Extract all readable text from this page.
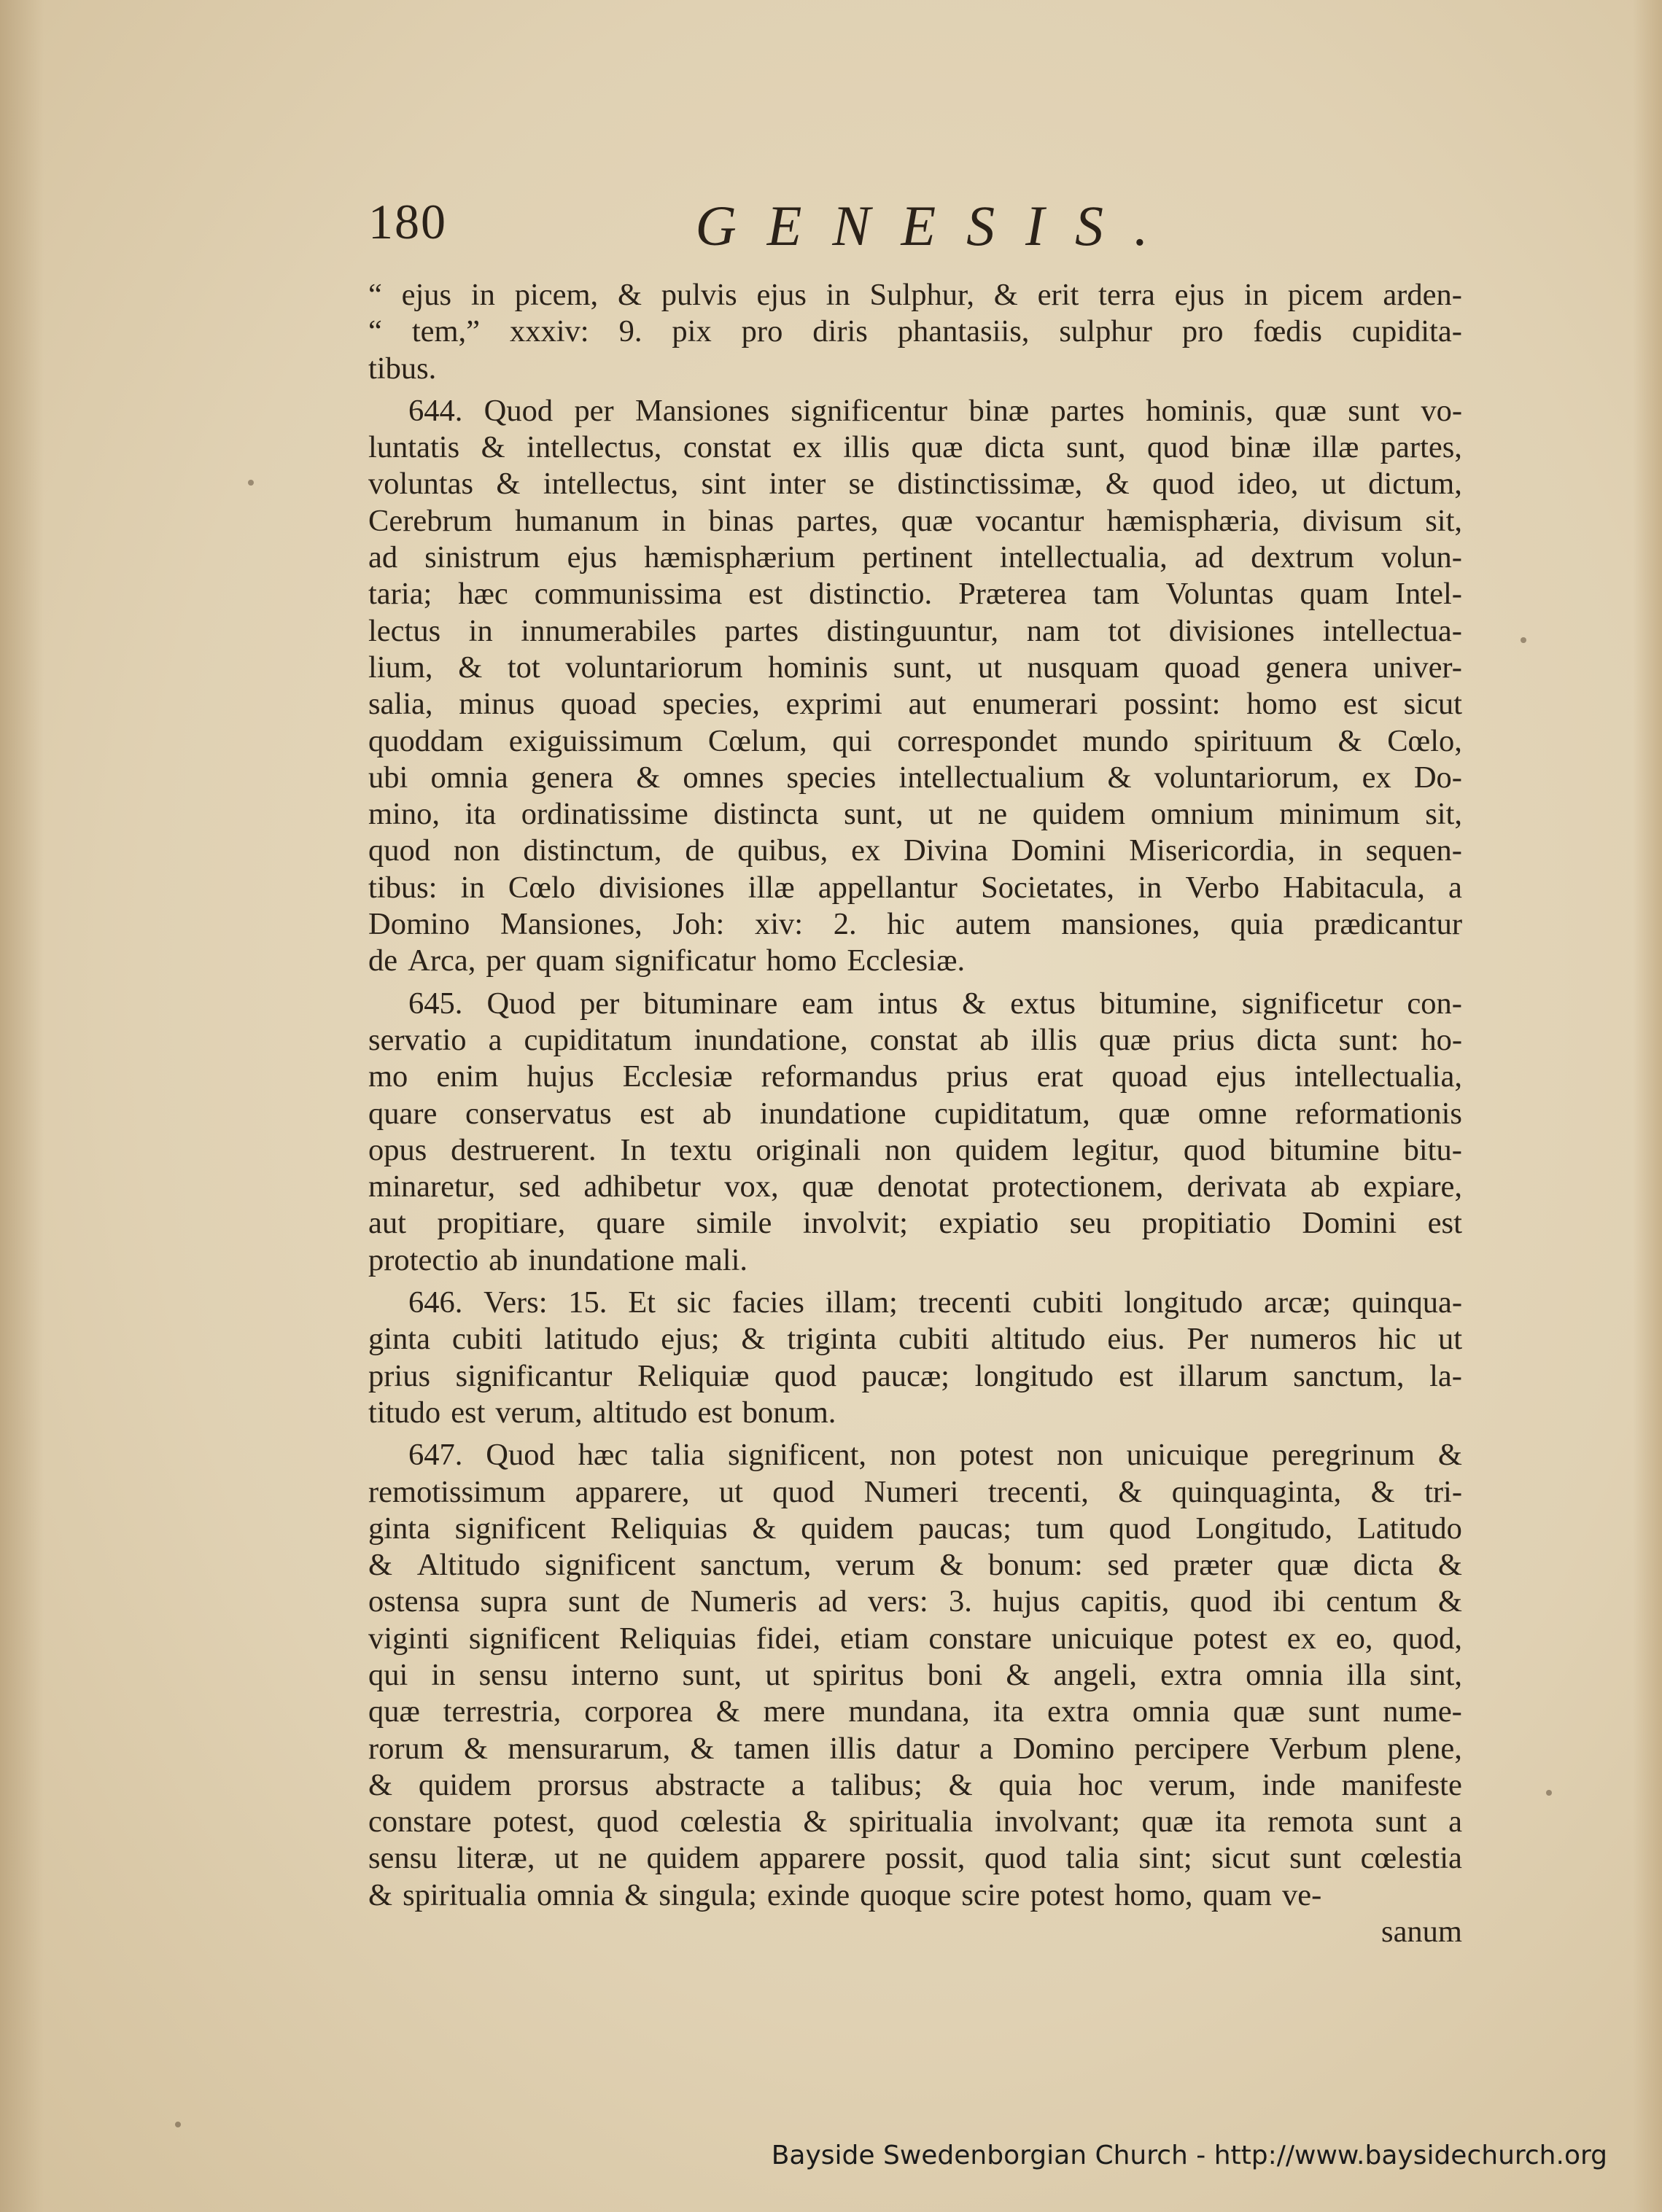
180	GENESIS.
“ ejus in picem, & pulvis ejus in Sulphur, & erit terra ejus in picem arden-
“ tem,” xxxiv: 9. pix pro diris phantasiis, sulphur pro fœdis cupidita-
tibus.
644. Quod per Mansiones significentur binæ partes hominis, quæ sunt vo-
luntatis & intellectus, constat ex illis quæ dicta sunt, quod binæ illæ partes,
voluntas & intellectus, sint inter se distinctissimæ, & quod ideo, ut dictum,
Cerebrum humanum in binas partes, quæ vocantur hæmisphæria, divisum sit,
ad sinistrum ejus hæmisphærium pertinent intellectualia, ad dextrum volun-
taria; hæc communissima est distinctio. Præterea tam Voluntas quam Intel-
lectus in innumerabiles partes distinguuntur, nam tot divisiones intellectua-
lium, & tot voluntariorum hominis sunt, ut nusquam quoad genera univer-
salia, minus quoad species, exprimi aut enumerari possint: homo est sicut
quoddam exiguissimum Cœlum, qui correspondet mundo spirituum & Cœlo,
ubi omnia genera & omnes species intellectualium & voluntariorum, ex Do-
mino, ita ordinatissime distincta sunt, ut ne quidem omnium minimum sit,
quod non distinctum, de quibus, ex Divina Domini Misericordia, in sequen-
tibus: in Cœlo divisiones illæ appellantur Societates, in Verbo Habitacula, a
Domino Mansiones, Joh: xiv: 2. hic autem mansiones, quia prædicantur
de Arca, per quam significatur homo Ecclesiæ.
645. Quod per bituminare eam intus & extus bitumine, significetur con-
servatio a cupiditatum inundatione, constat ab illis quæ prius dicta sunt: ho-
mo enim hujus Ecclesiæ reformandus prius erat quoad ejus intellectualia,
quare conservatus est ab inundatione cupiditatum, quæ omne reformationis
opus destruerent. In textu originali non quidem legitur, quod bitumine bitu-
minaretur, sed adhibetur vox, quæ denotat protectionem, derivata ab expiare,
aut propitiare, quare simile involvit; expiatio seu propitiatio Domini est
protectio ab inundatione mali.
646. Vers: 15. Et sic facies illam; trecenti cubiti longitudo arcæ; quinqua-
ginta cubiti latitudo ejus; & triginta cubiti altitudo eius. Per numeros hic ut
prius significantur Reliquiæ quod paucæ; longitudo est illarum sanctum, la-
titudo est verum, altitudo est bonum.
647. Quod hæc talia significent, non potest non unicuique peregrinum &
remotissimum apparere, ut quod Numeri trecenti, & quinquaginta, & tri-
ginta significent Reliquias & quidem paucas; tum quod Longitudo, Latitudo
& Altitudo significent sanctum, verum & bonum: sed præter quæ dicta &
ostensa supra sunt de Numeris ad vers: 3. hujus capitis, quod ibi centum &
viginti significent Reliquias fidei, etiam constare unicuique potest ex eo, quod,
qui in sensu interno sunt, ut spiritus boni & angeli, extra omnia illa sint,
quæ terrestria, corporea & mere mundana, ita extra omnia quæ sunt nume-
rorum & mensurarum, & tamen illis datur a Domino percipere Verbum plene,
& quidem prorsus abstracte a talibus; & quia hoc verum, inde manifeste
constare potest, quod cœlestia & spiritualia involvant; quæ ita remota sunt a
sensu literæ, ut ne quidem apparere possit, quod talia sint; sicut sunt cœlestia
& spiritualia omnia & singula; exinde quoque scire potest homo, quam ve-
sanum
Bayside Swedenborgian Church - http://www.baysidechurch.org
